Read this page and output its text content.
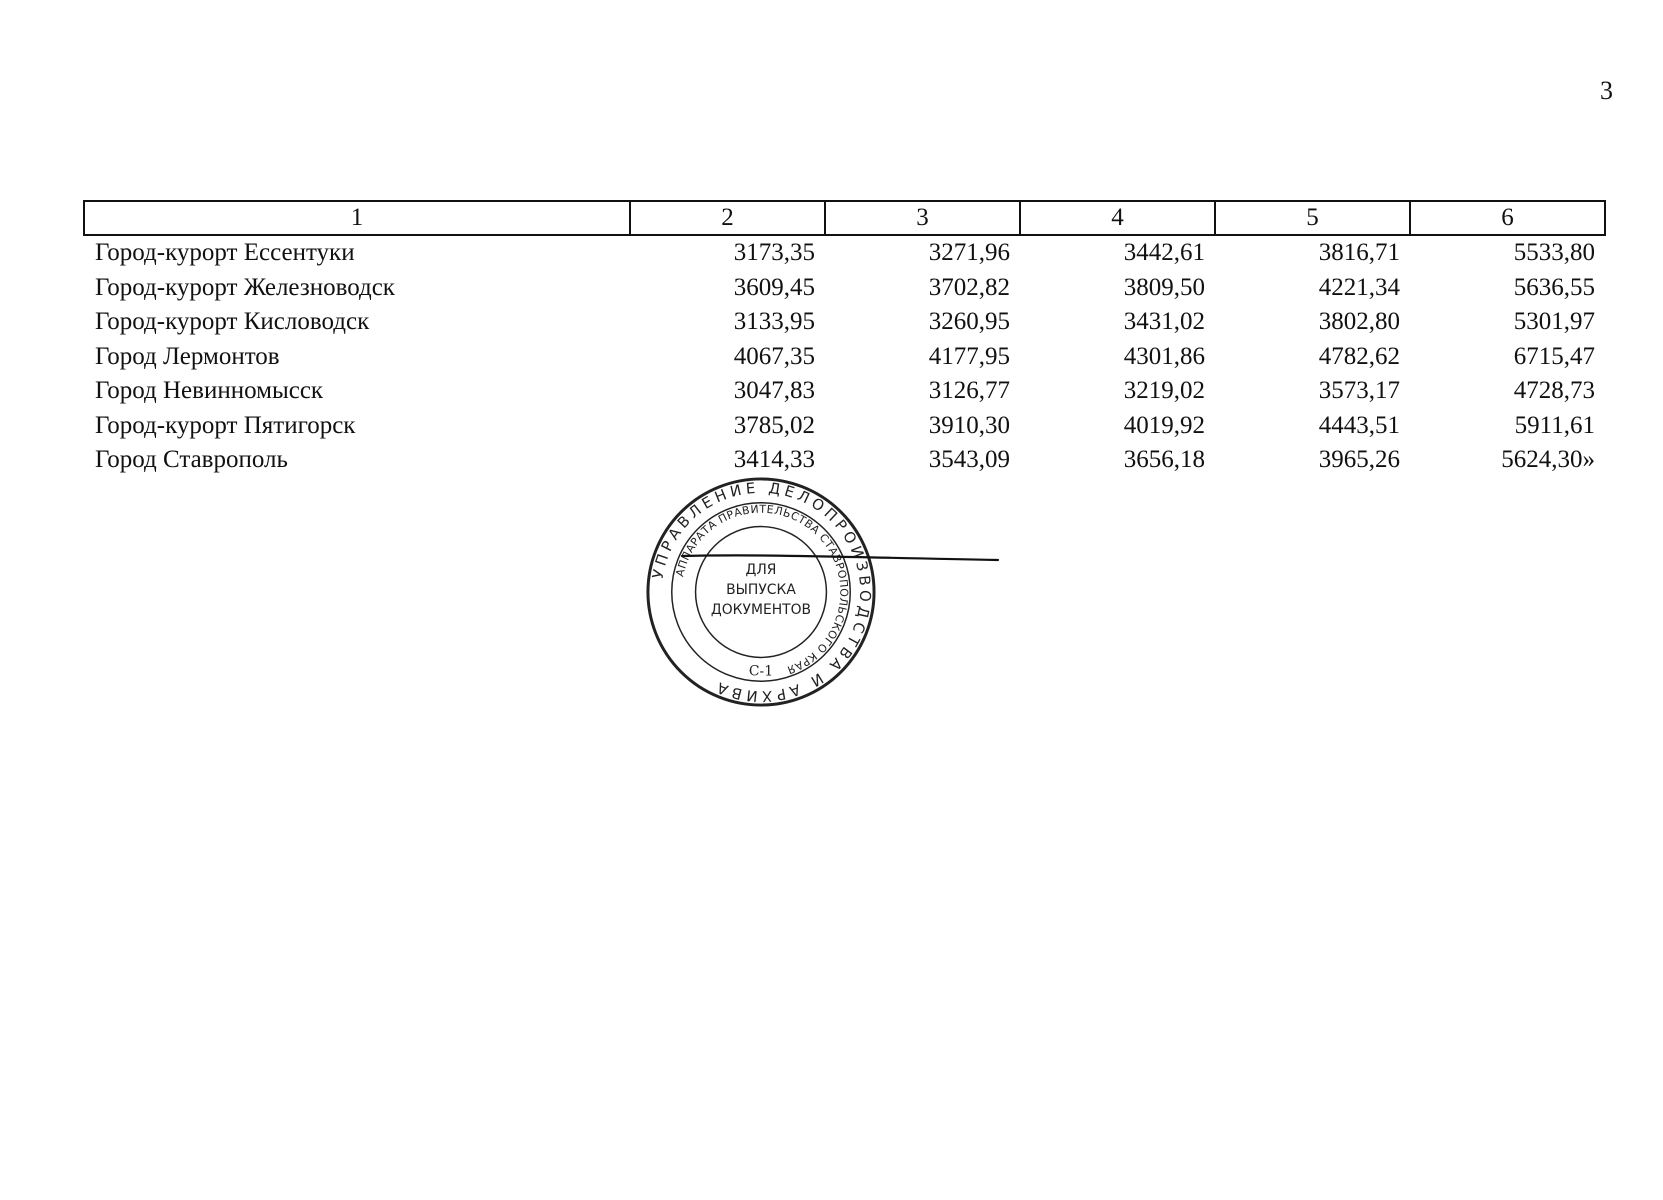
3
1	2	3	4	5	6
Город-курорт Ессентуки	3173,35	3271,96	3442,61	3816,71	5533,80
Город-курорт Железноводск	3609,45	3702,82	3809,50	4221,34	5636,55
Город-курорт Кисловодск	3133,95	3260,95	3431,02	3802,80	5301,97
Город Лермонтов	4067,35	4177,95	4301,86	4782,62	6715,47
Город Невинномысск	3047,83	3126,77	3219,02	3573,17	4728,73
Город-курорт Пятигорск	3785,02	3910,30	4019,92	4443,51	5911,61
Город Ставрополь	3414,33	3543,09	3656,18	3965,26	5624,30»
УПРАВЛЕНИЕ ДЕЛОПРОИЗВОДСТВА И АРХИВА
АППАРАТА ПРАВИТЕЛЬСТВА СТАВРОПОЛЬСКОГО КРАЯ
ДЛЯ
ВЫПУСКА
ДОКУМЕНТОВ
С-1
